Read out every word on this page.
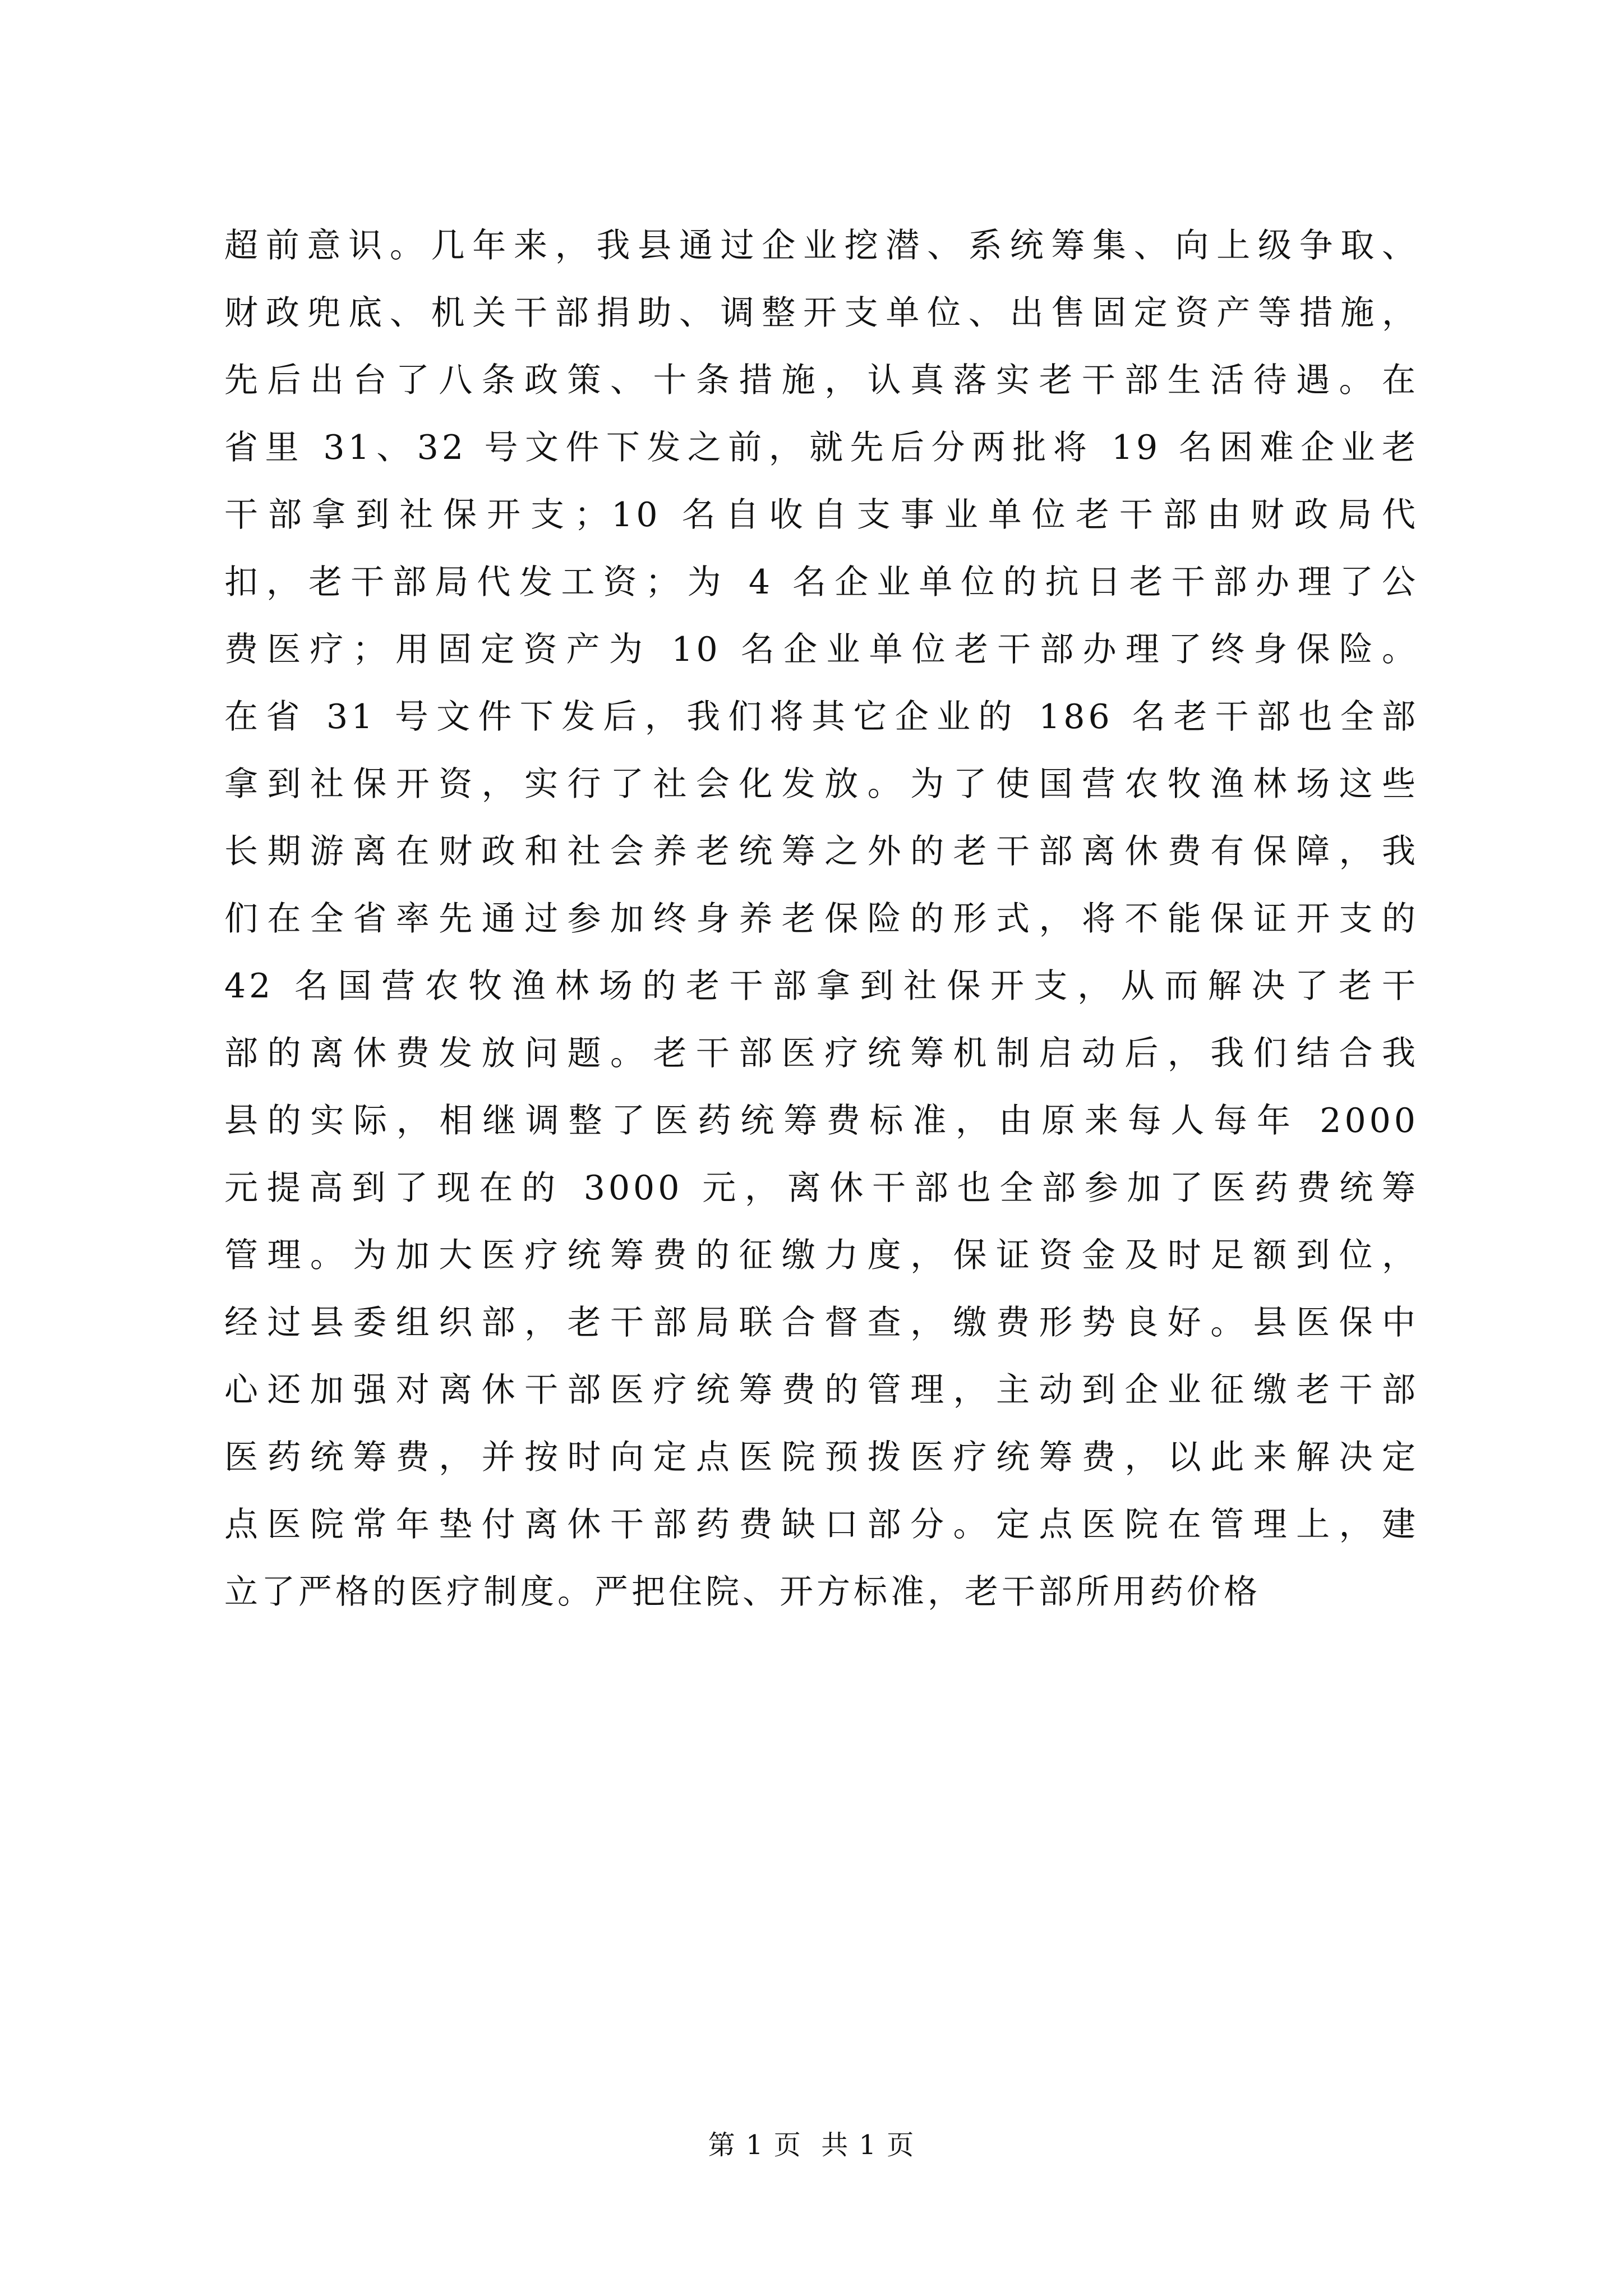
超前意识。几年来，我县通过企业挖潜、系统筹集、向上级争取、
财政兜底、机关干部捐助、调整开支单位、出售固定资产等措施，
先后出台了八条政策、十条措施，认真落实老干部生活待遇。在
省里 31、32 号文件下发之前，就先后分两批将 19 名困难企业老
干部拿到社保开支；10 名自收自支事业单位老干部由财政局代
扣，老干部局代发工资；为 4 名企业单位的抗日老干部办理了公
费医疗；用固定资产为 10 名企业单位老干部办理了终身保险。
在省 31 号文件下发后，我们将其它企业的 186 名老干部也全部
拿到社保开资，实行了社会化发放。为了使国营农牧渔林场这些
长期游离在财政和社会养老统筹之外的老干部离休费有保障，我
们在全省率先通过参加终身养老保险的形式，将不能保证开支的
42 名国营农牧渔林场的老干部拿到社保开支，从而解决了老干
部的离休费发放问题。老干部医疗统筹机制启动后，我们结合我
县的实际，相继调整了医药统筹费标准，由原来每人每年 2000
元提高到了现在的 3000 元，离休干部也全部参加了医药费统筹
管理。为加大医疗统筹费的征缴力度，保证资金及时足额到位，
经过县委组织部，老干部局联合督查，缴费形势良好。县医保中
心还加强对离休干部医疗统筹费的管理，主动到企业征缴老干部
医药统筹费，并按时向定点医院预拨医疗统筹费，以此来解决定
点医院常年垫付离休干部药费缺口部分。定点医院在管理上，建
立了严格的医疗制度。严把住院、开方标准，老干部所用药价格
第 1 页  共 1 页
